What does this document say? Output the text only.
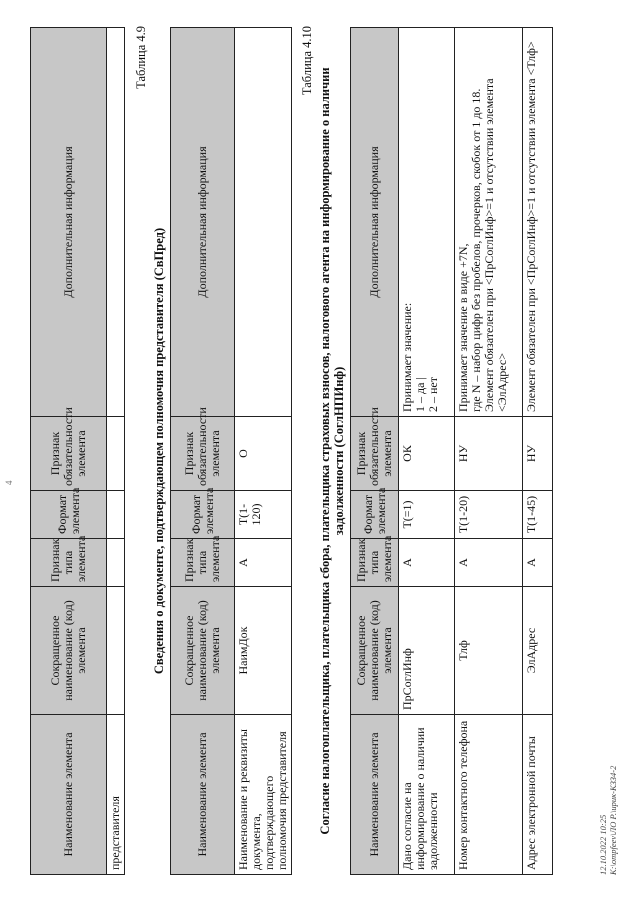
4
Наименование элемента	Сокращенное наименование (код) элемента	Признак типа элемента	Формат элемента	Признак обязательности элемента	Дополнительная информация
представителя					
Таблица 4.9
Сведения о документе, подтверждающем полномочия представителя (СвПред)
Наименование элемента	Сокращенное наименование (код) элемента	Признак типа элемента	Формат элемента	Признак обязательности элемента	Дополнительная информация
Наименование и реквизиты документа, подтверждающего полномочия представителя	НаимДок	А	Т(1-120)	О	
Таблица 4.10
Согласие налогоплательщика, плательщика сбора, плательщика страховых взносов, налогового агента на информирование о наличии задолженности (СоглНПИнф)
Наименование элемента	Сокращенное наименование (код) элемента	Признак типа элемента	Формат элемента	Признак обязательности элемента	Дополнительная информация
Дано согласие на информирование о наличии задолженности	ПрСоглИнф	А	Т(=1)	ОК	Принимает значение: 1 – да | 2 – нет

Номер контактного телефона	Тлф	А	Т(1-20)	НУ	Принимает значение в виде +7N, где N – набор цифр без пробелов, прочерков, скобок от 1 до 18. Элемент обязателен при <ПрСоглИнф>=1 и отсутствии элемента <ЭлАдрес>

Адрес электронной почты	ЭлАдрес	А	Т(1-45)	НУ	Элемент обязателен при <ПрСоглИнф>=1 и отсутствии элемента <Тлф>
12.10.2022 10:25 K:\ompfeev\ЛО Р.\ирик-КЗЗ4-2
